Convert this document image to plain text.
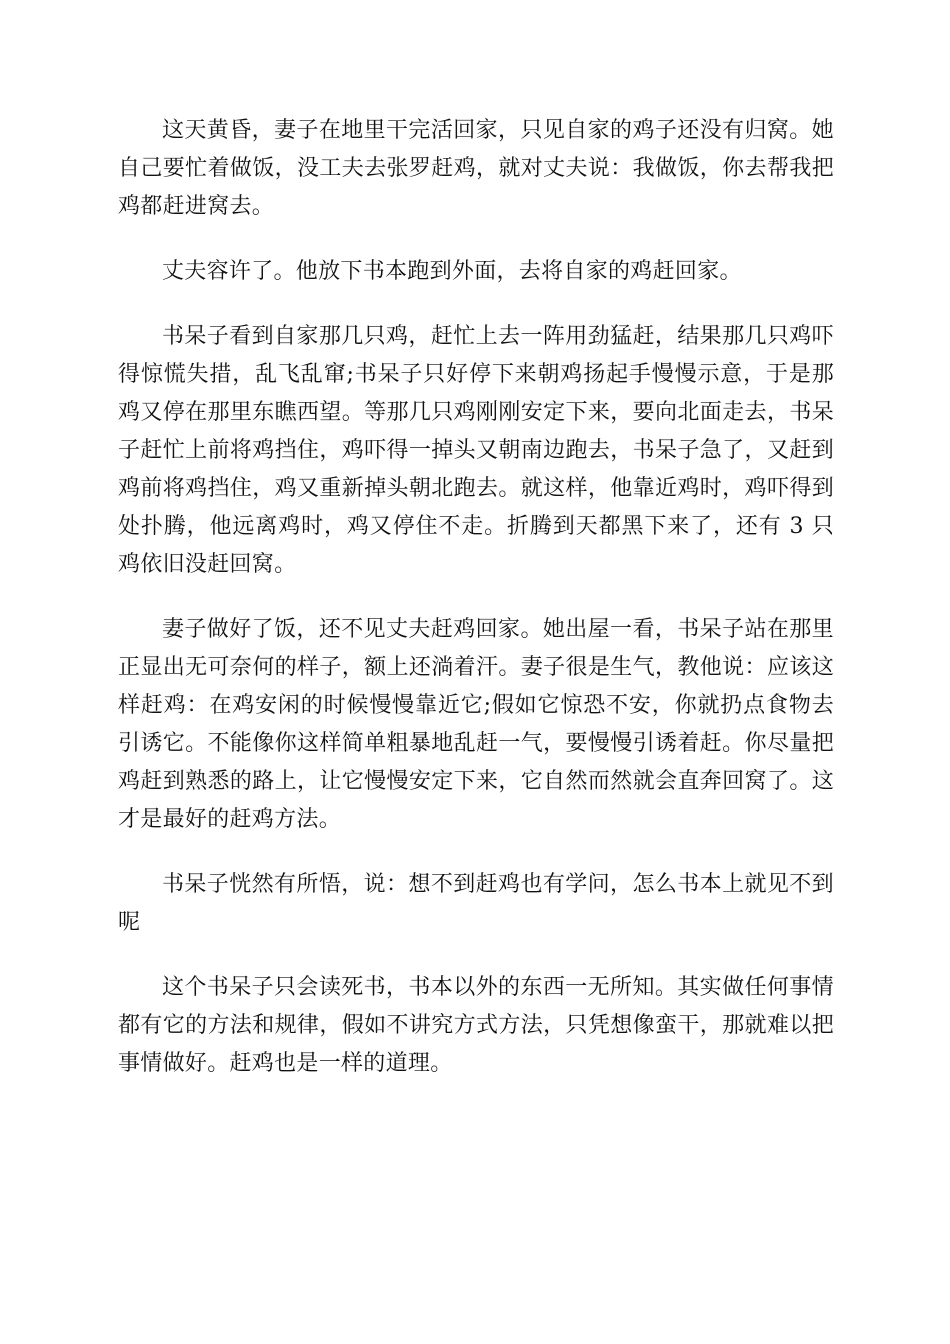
这天黄昏，妻子在地里干完活回家，只见自家的鸡子还没有归窝。她自己要忙着做饭，没工夫去张罗赶鸡，就对丈夫说：我做饭，你去帮我把鸡都赶进窝去。

丈夫容许了。他放下书本跑到外面，去将自家的鸡赶回家。

书呆子看到自家那几只鸡，赶忙上去一阵用劲猛赶，结果那几只鸡吓得惊慌失措，乱飞乱窜;书呆子只好停下来朝鸡扬起手慢慢示意，于是那鸡又停在那里东瞧西望。等那几只鸡刚刚安定下来，要向北面走去，书呆子赶忙上前将鸡挡住，鸡吓得一掉头又朝南边跑去，书呆子急了，又赶到鸡前将鸡挡住，鸡又重新掉头朝北跑去。就这样，他靠近鸡时，鸡吓得到处扑腾，他远离鸡时，鸡又停住不走。折腾到天都黑下来了，还有 3 只鸡依旧没赶回窝。

妻子做好了饭，还不见丈夫赶鸡回家。她出屋一看，书呆子站在那里正显出无可奈何的样子，额上还淌着汗。妻子很是生气，教他说：应该这样赶鸡：在鸡安闲的时候慢慢靠近它;假如它惊恐不安，你就扔点食物去引诱它。不能像你这样简单粗暴地乱赶一气，要慢慢引诱着赶。你尽量把鸡赶到熟悉的路上，让它慢慢安定下来，它自然而然就会直奔回窝了。这才是最好的赶鸡方法。

书呆子恍然有所悟，说：想不到赶鸡也有学问，怎么书本上就见不到呢

这个书呆子只会读死书，书本以外的东西一无所知。其实做任何事情都有它的方法和规律，假如不讲究方式方法，只凭想像蛮干，那就难以把事情做好。赶鸡也是一样的道理。
